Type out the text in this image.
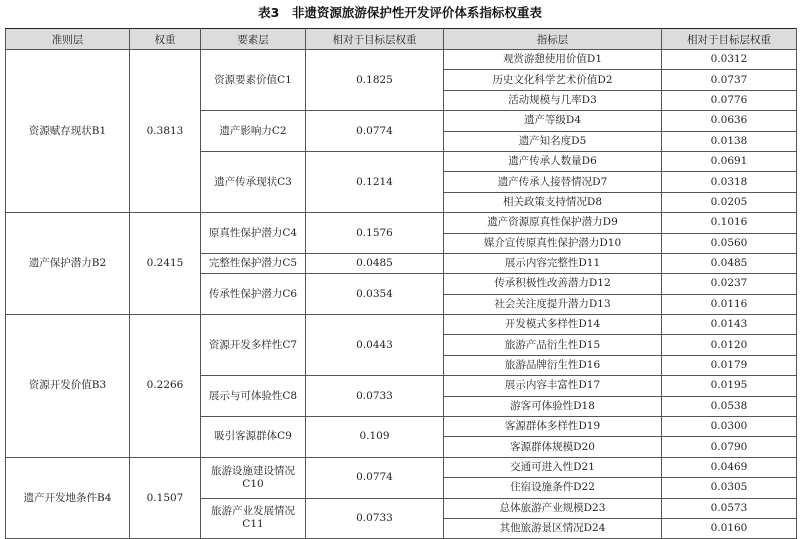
表3　非遗资源旅游保护性开发评价体系指标权重表
准则层	权重	要素层	相对于目标层权重	指标层	相对于目标层权重
资源赋存现状B1	0.3813	资源要素价值C1	0.1825	观赏游憩使用价值D1	0.0312
				历史文化科学艺术价值D2	0.0737
				活动规模与几率D3	0.0776
		遗产影响力C2	0.0774	遗产等级D4	0.0636
				遗产知名度D5	0.0138
		遗产传承现状C3	0.1214	遗产传承人数量D6	0.0691
				遗产传承人接替情况D7	0.0318
				相关政策支持情况D8	0.0205
遗产保护潜力B2	0.2415	原真性保护潜力C4	0.1576	遗产资源原真性保护潜力D9	0.1016
				媒介宣传原真性保护潜力D10	0.0560
		完整性保护潜力C5	0.0485	展示内容完整性D11	0.0485
		传承性保护潜力C6	0.0354	传承积极性改善潜力D12	0.0237
				社会关注度提升潜力D13	0.0116
资源开发价值B3	0.2266	资源开发多样性C7	0.0443	开发模式多样性D14	0.0143
				旅游产品衍生性D15	0.0120
				旅游品牌衍生性D16	0.0179
		展示与可体验性C8	0.0733	展示内容丰富性D17	0.0195
				游客可体验性D18	0.0538
		吸引客源群体C9	0.109	客源群体多样性D19	0.0300
				客源群体规模D20	0.0790
遗产开发地条件B4	0.1507	旅游设施建设情况C10	0.0774	交通可进入性D21	0.0469
				住宿设施条件D22	0.0305
		旅游产业发展情况C11	0.0733	总体旅游产业规模D23	0.0573
				其他旅游景区情况D24	0.0160
